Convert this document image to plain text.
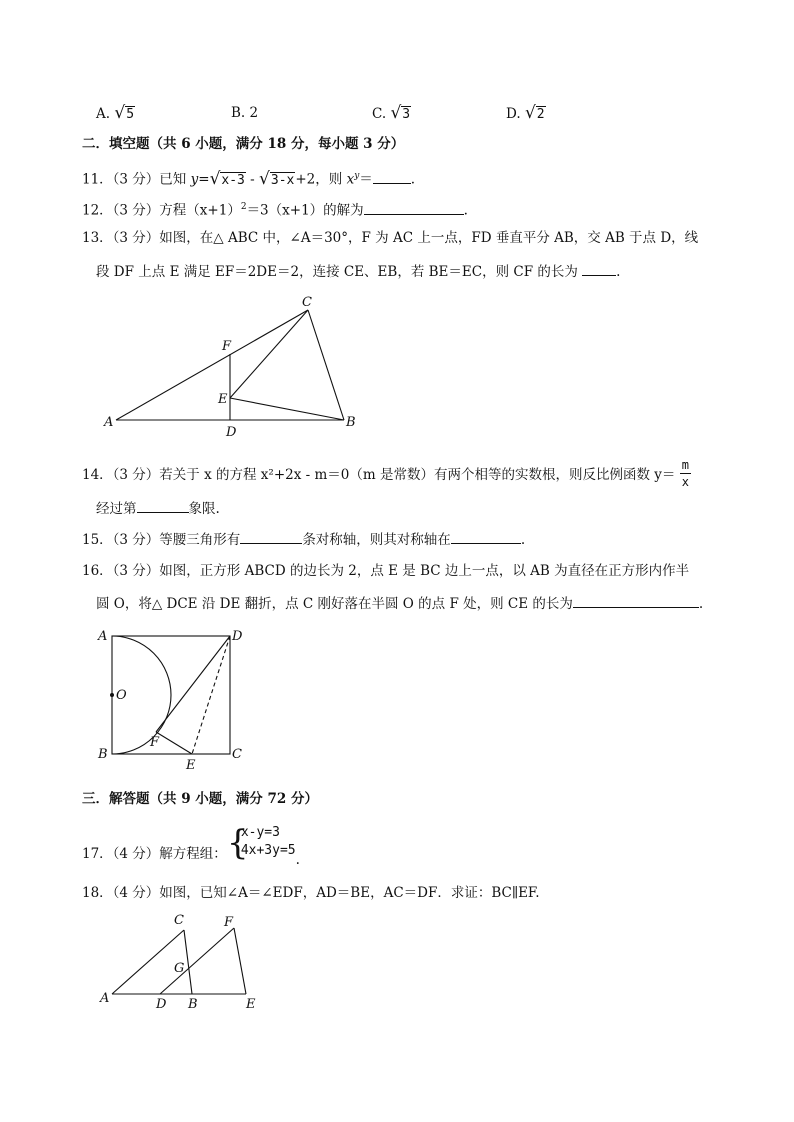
A. √5	B. 2	C. √3	D. √2
二．填空题（共 6 小题，满分 18 分，每小题 3 分）
11．（3 分）已知 y=√x-3 - √3-x+2，则 $x^y=$	.
12．（3 分）方程$(x+1)^2=3(x+1)$的解为	.
13．（3 分）如图，在△ ABC 中，∠A＝30°，F 为 AC 上一点，FD 垂直平分 AB，交 AB 于点 D，线
段 DF 上点 E 满足 EF＝2DE＝2，连接 CE、EB，若 BE＝EC，则 CF 的长为	.
A	B
C
D
E
F
14．（3 分）若关于 x 的方程 x²+2x - m＝0（m 是常数）有两个相等的实数根，则反比例函数 $y= \frac{m}{x}$
经过第	象限.
15．（3 分）等腰三角形有	条对称轴，则其对称轴在	.
16．（3 分）如图，正方形 ABCD 的边长为 2，点 E 是 BC 边上一点，以 AB 为直径在正方形内作半
圆 O，将△ DCE 沿 DE 翻折，点 C 刚好落在半圆 O 的点 F 处，则 CE 的长为	.
A
B	C
D
E
F
O
三．解答题（共 9 小题，满分 72 分）
17．（4 分）解方程组： {
x-y=3
4x+3y=5
.
18．（4 分）如图，已知∠A＝∠EDF，AD＝BE，AC＝DF．求证：BC∥EF.
A	B
C
D	E
F
G
